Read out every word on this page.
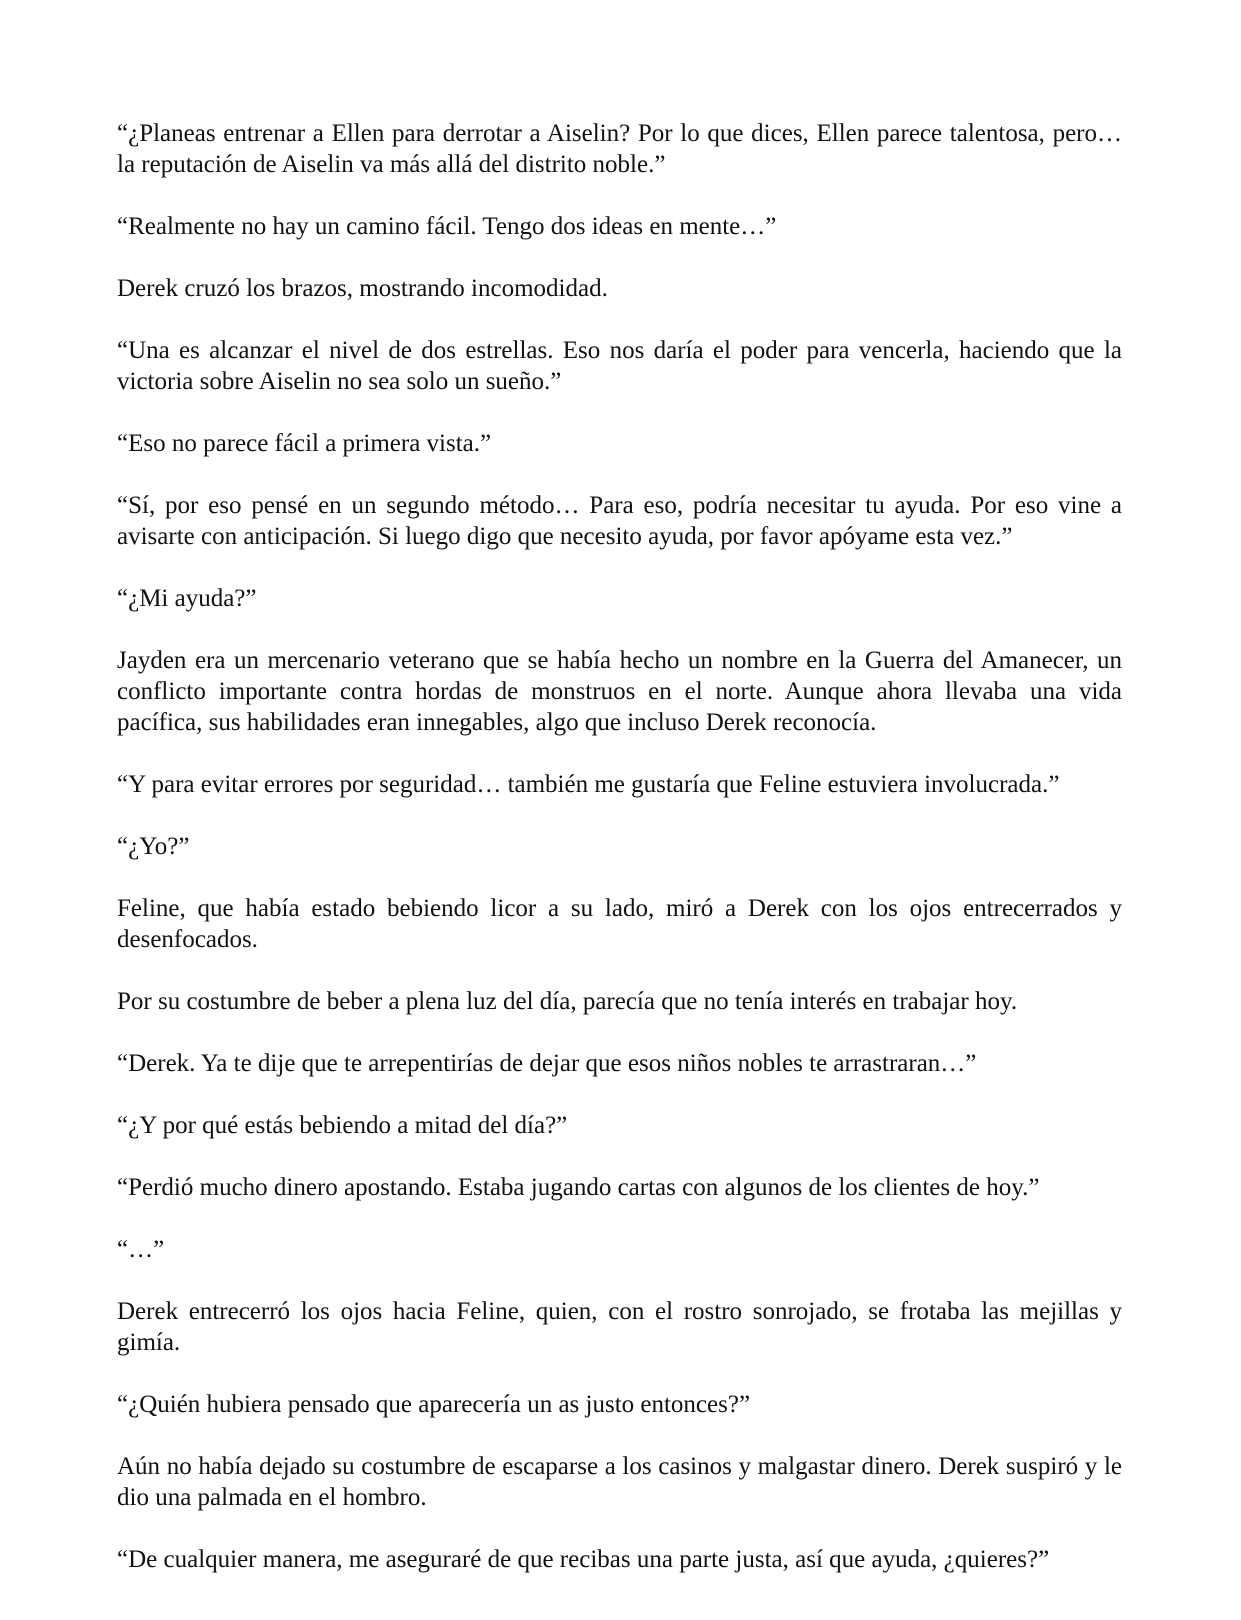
“¿Planeas entrenar a Ellen para derrotar a Aiselin? Por lo que dices, Ellen parece talentosa, pero… la reputación de Aiselin va más allá del distrito noble.”

“Realmente no hay un camino fácil. Tengo dos ideas en mente…”

Derek cruzó los brazos, mostrando incomodidad.

“Una es alcanzar el nivel de dos estrellas. Eso nos daría el poder para vencerla, haciendo que la victoria sobre Aiselin no sea solo un sueño.”

“Eso no parece fácil a primera vista.”

“Sí, por eso pensé en un segundo método… Para eso, podría necesitar tu ayuda. Por eso vine a avisarte con anticipación. Si luego digo que necesito ayuda, por favor apóyame esta vez.”

“¿Mi ayuda?”

Jayden era un mercenario veterano que se había hecho un nombre en la Guerra del Amanecer, un conflicto importante contra hordas de monstruos en el norte. Aunque ahora llevaba una vida pacífica, sus habilidades eran innegables, algo que incluso Derek reconocía.

“Y para evitar errores por seguridad… también me gustaría que Feline estuviera involucrada.”

“¿Yo?”

Feline, que había estado bebiendo licor a su lado, miró a Derek con los ojos entrecerrados y desenfocados.

Por su costumbre de beber a plena luz del día, parecía que no tenía interés en trabajar hoy.

“Derek. Ya te dije que te arrepentirías de dejar que esos niños nobles te arrastraran…”

“¿Y por qué estás bebiendo a mitad del día?”

“Perdió mucho dinero apostando. Estaba jugando cartas con algunos de los clientes de hoy.”

“…”

Derek entrecerró los ojos hacia Feline, quien, con el rostro sonrojado, se frotaba las mejillas y gimía.

“¿Quién hubiera pensado que aparecería un as justo entonces?”

Aún no había dejado su costumbre de escaparse a los casinos y malgastar dinero. Derek suspiró y le dio una palmada en el hombro.

“De cualquier manera, me aseguraré de que recibas una parte justa, así que ayuda, ¿quieres?”
